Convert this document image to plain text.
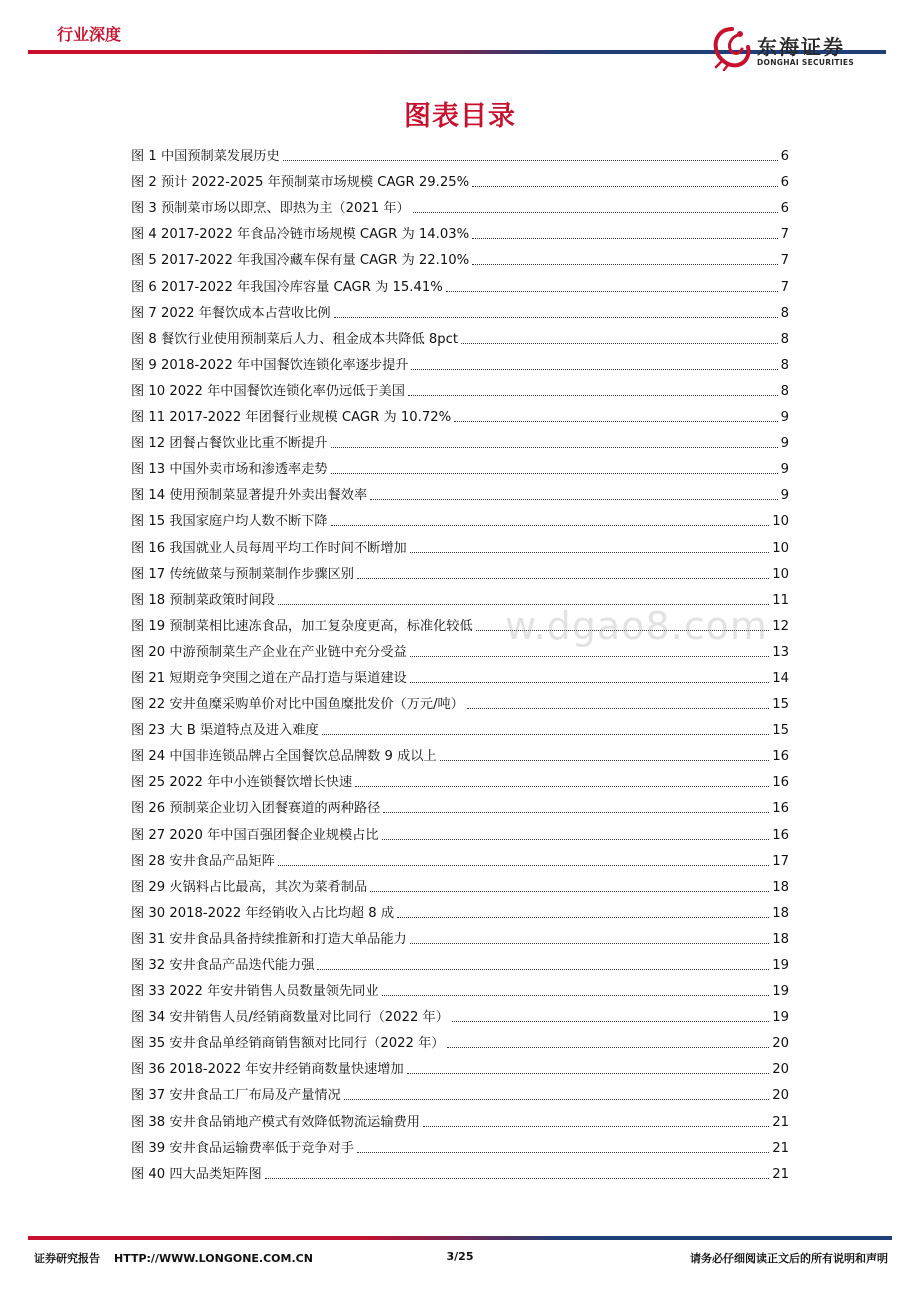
行业深度
东海证券
DONGHAI SECURITIES
图表目录
图 1 中国预制菜发展历史	6
图 2 预计 2022-2025 年预制菜市场规模 CAGR 29.25%	6
图 3 预制菜市场以即烹、即热为主（2021 年）	6
图 4 2017-2022 年食品冷链市场规模 CAGR 为 14.03%	7
图 5 2017-2022 年我国冷藏车保有量 CAGR 为 22.10%	7
图 6 2017-2022 年我国冷库容量 CAGR 为 15.41%	7
图 7 2022 年餐饮成本占营收比例	8
图 8 餐饮行业使用预制菜后人力、租金成本共降低 8pct	8
图 9 2018-2022 年中国餐饮连锁化率逐步提升	8
图 10 2022 年中国餐饮连锁化率仍远低于美国	8
图 11 2017-2022 年团餐行业规模 CAGR 为 10.72%	9
图 12 团餐占餐饮业比重不断提升	9
图 13 中国外卖市场和渗透率走势	9
图 14 使用预制菜显著提升外卖出餐效率	9
图 15 我国家庭户均人数不断下降	10
图 16 我国就业人员每周平均工作时间不断增加	10
图 17 传统做菜与预制菜制作步骤区别	10
图 18 预制菜政策时间段	11
图 19 预制菜相比速冻食品，加工复杂度更高，标准化较低	12
图 20 中游预制菜生产企业在产业链中充分受益	13
图 21 短期竞争突围之道在产品打造与渠道建设	14
图 22 安井鱼糜采购单价对比中国鱼糜批发价（万元/吨）	15
图 23 大 B 渠道特点及进入难度	15
图 24 中国非连锁品牌占全国餐饮总品牌数 9 成以上	16
图 25 2022 年中小连锁餐饮增长快速	16
图 26 预制菜企业切入团餐赛道的两种路径	16
图 27 2020 年中国百强团餐企业规模占比	16
图 28 安井食品产品矩阵	17
图 29 火锅料占比最高，其次为菜肴制品	18
图 30 2018-2022 年经销收入占比均超 8 成	18
图 31 安井食品具备持续推新和打造大单品能力	18
图 32 安井食品产品迭代能力强	19
图 33 2022 年安井销售人员数量领先同业	19
图 34 安井销售人员/经销商数量对比同行（2022 年）	19
图 35 安井食品单经销商销售额对比同行（2022 年）	20
图 36 2018-2022 年安井经销商数量快速增加	20
图 37 安井食品工厂布局及产量情况	20
图 38 安井食品销地产模式有效降低物流运输费用	21
图 39 安井食品运输费率低于竞争对手	21
图 40 四大品类矩阵图	21
w.dgao8.com
证券研究报告 HTTP://WWW.LONGONE.COM.CN	3/25	请务必仔细阅读正文后的所有说明和声明
